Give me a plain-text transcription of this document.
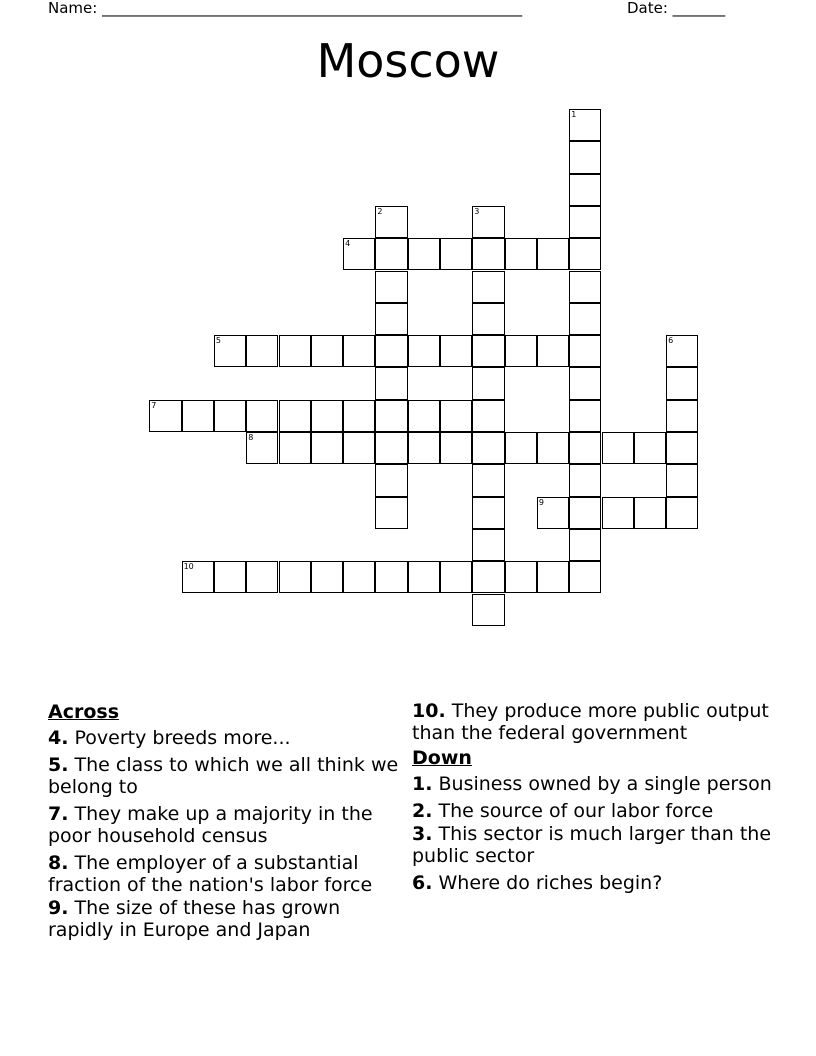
Name: ________________________________________________________	Date: _______
Moscow
1
2	3
4
5	6
7
8
9
10
Across
4. Poverty breeds more...
5. The class to which we all think we belong to
7. They make up a majority in the poor household census
8. The employer of a substantial fraction of the nation's labor force
9. The size of these has grown rapidly in Europe and Japan
10. They produce more public output than the federal government
Down
1. Business owned by a single person
2. The source of our labor force
3. This sector is much larger than the public sector
6. Where do riches begin?
